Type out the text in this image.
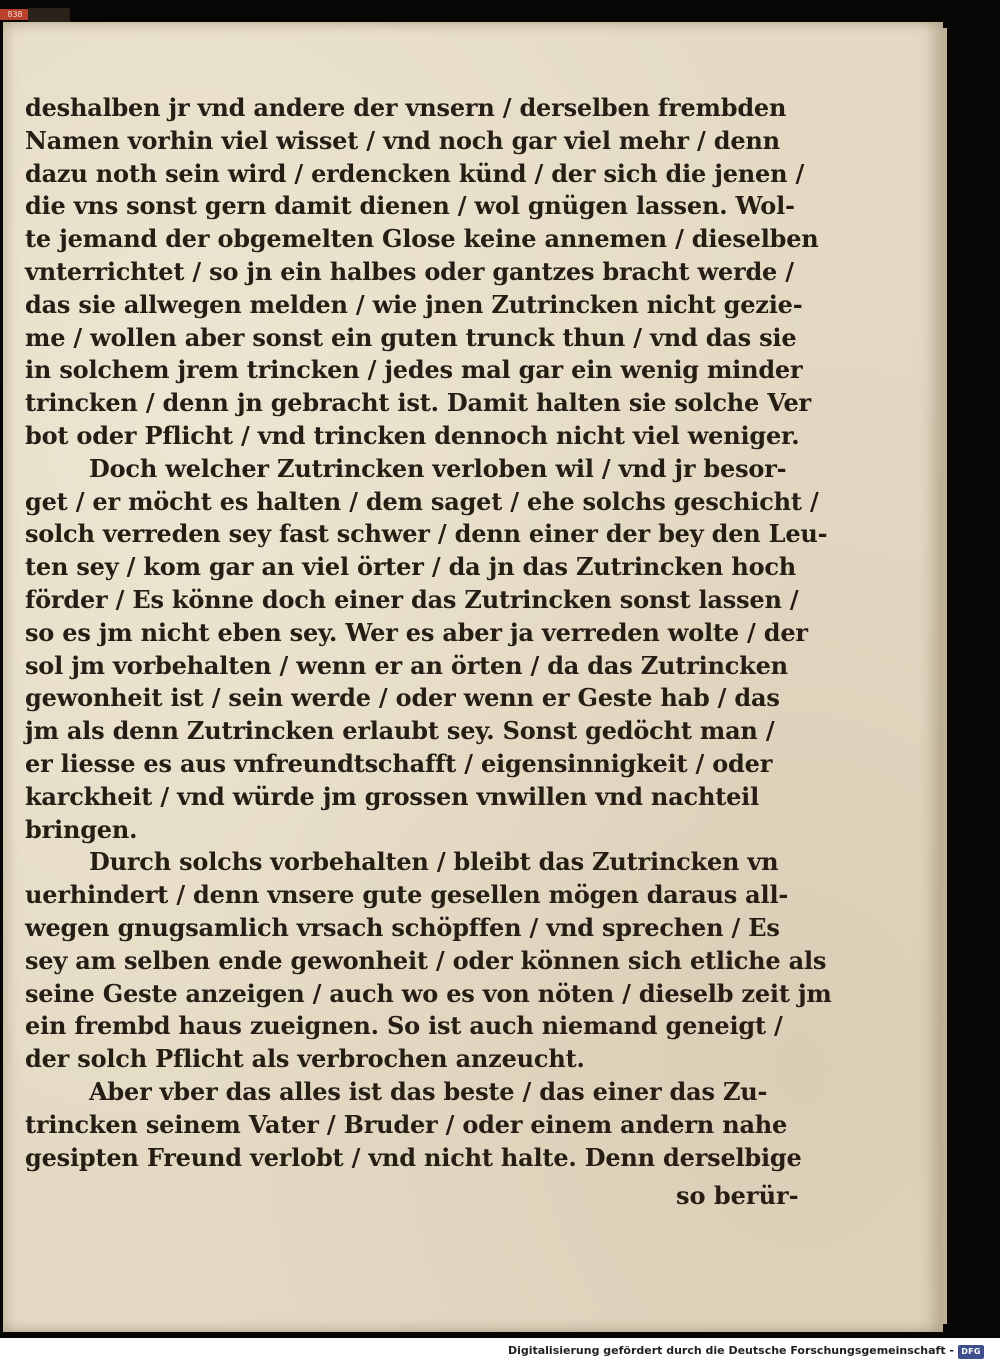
838
deshalben jr vnd andere der vnsern / derselben frembden
Namen vorhin viel wisset / vnd noch gar viel mehr / denn
dazu noth sein wird / erdencken künd / der sich die jenen /
die vns sonst gern damit dienen / wol gnügen lassen. Wol-
te jemand der obgemelten Glose keine annemen / dieselben
vnterrichtet / so jn ein halbes oder gantzes bracht werde /
das sie allwegen melden / wie jnen Zutrincken nicht gezie-
me / wollen aber sonst ein guten trunck thun / vnd das sie
in solchem jrem trincken / jedes mal gar ein wenig minder
trincken / denn jn gebracht ist. Damit halten sie solche Ver
bot oder Pflicht / vnd trincken dennoch nicht viel weniger.
Doch welcher Zutrincken verloben wil / vnd jr besor-
get / er möcht es halten / dem saget / ehe solchs geschicht /
solch verreden sey fast schwer / denn einer der bey den Leu-
ten sey / kom gar an viel örter / da jn das Zutrincken hoch
förder / Es könne doch einer das Zutrincken sonst lassen /
so es jm nicht eben sey. Wer es aber ja verreden wolte / der
sol jm vorbehalten / wenn er an örten / da das Zutrincken
gewonheit ist / sein werde / oder wenn er Geste hab / das
jm als denn Zutrincken erlaubt sey. Sonst gedöcht man /
er liesse es aus vnfreundtschafft / eigensinnigkeit / oder
karckheit / vnd würde jm grossen vnwillen vnd nachteil
bringen.
Durch solchs vorbehalten / bleibt das Zutrincken vn
uerhindert / denn vnsere gute gesellen mögen daraus all-
wegen gnugsamlich vrsach schöpffen / vnd sprechen / Es
sey am selben ende gewonheit / oder können sich etliche als
seine Geste anzeigen / auch wo es von nöten / dieselb zeit jm
ein frembd haus zueignen. So ist auch niemand geneigt /
der solch Pflicht als verbrochen anzeucht.
Aber vber das alles ist das beste / das einer das Zu-
trincken seinem Vater / Bruder / oder einem andern nahe
gesipten Freund verlobt / vnd nicht halte. Denn derselbige
so berür-
Digitalisierung gefördert durch die Deutsche Forschungsgemeinschaft - DFG
